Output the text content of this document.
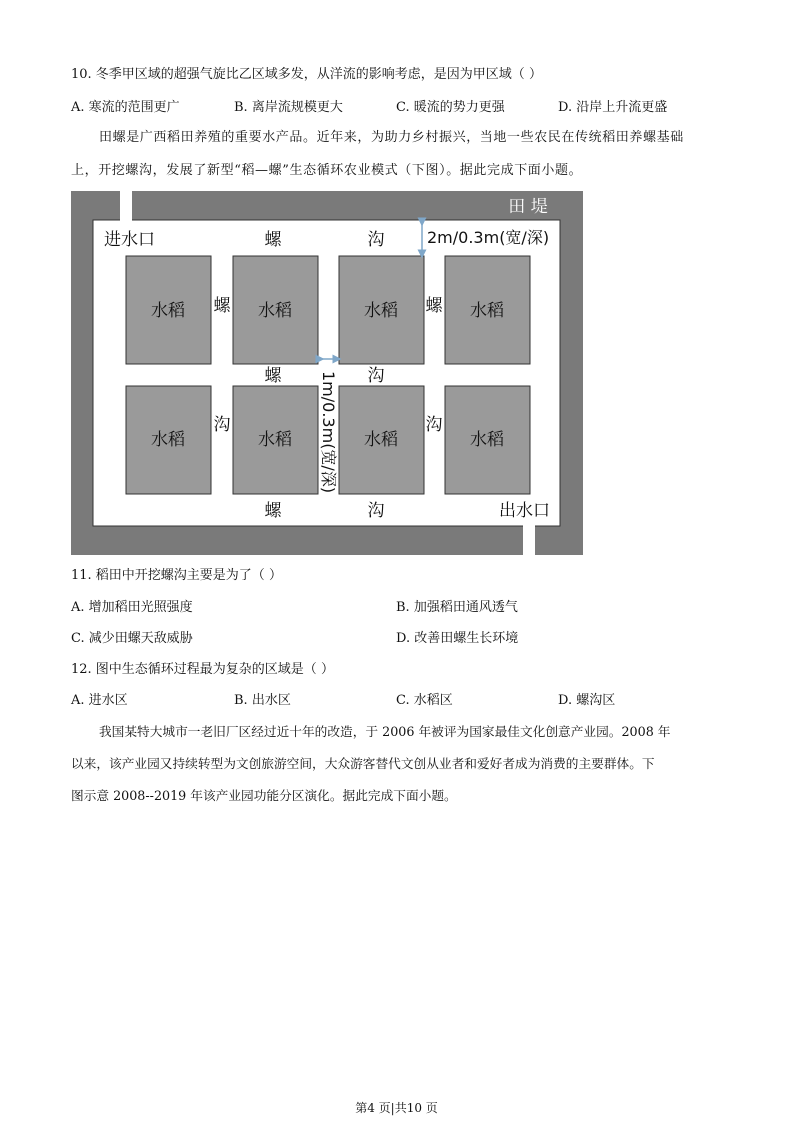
10. 冬季甲区域的超强气旋比乙区域多发，从洋流的影响考虑，是因为甲区域（ ）
A. 寒流的范围更广	B. 离岸流规模更大	C. 暖流的势力更强	D. 沿岸上升流更盛
田螺是广西稻田养殖的重要水产品。近年来，为助力乡村振兴，当地一些农民在传统稻田养螺基础
上，开挖螺沟，发展了新型“稻—螺”生态循环农业模式（下图）。据此完成下面小题。
水稻	水稻	水稻	水稻
水稻	水稻	水稻	水稻
田 堤
进水口
出水口
螺	沟
螺	螺
螺	沟
沟	沟
螺	沟
2m/0.3m(宽/深)
1m/0.3m(宽/深)
11. 稻田中开挖螺沟主要是为了（ ）
A. 增加稻田光照强度	B. 加强稻田通风透气
C. 减少田螺天敌威胁	D. 改善田螺生长环境
12. 图中生态循环过程最为复杂的区域是（ ）
A. 进水区	B. 出水区	C. 水稻区	D. 螺沟区
我国某特大城市一老旧厂区经过近十年的改造，于 2006 年被评为国家最佳文化创意产业园。2008 年
以来，该产业园又持续转型为文创旅游空间，大众游客替代文创从业者和爱好者成为消费的主要群体。下
图示意 2008--2019 年该产业园功能分区演化。据此完成下面小题。
第4 页|共10 页
